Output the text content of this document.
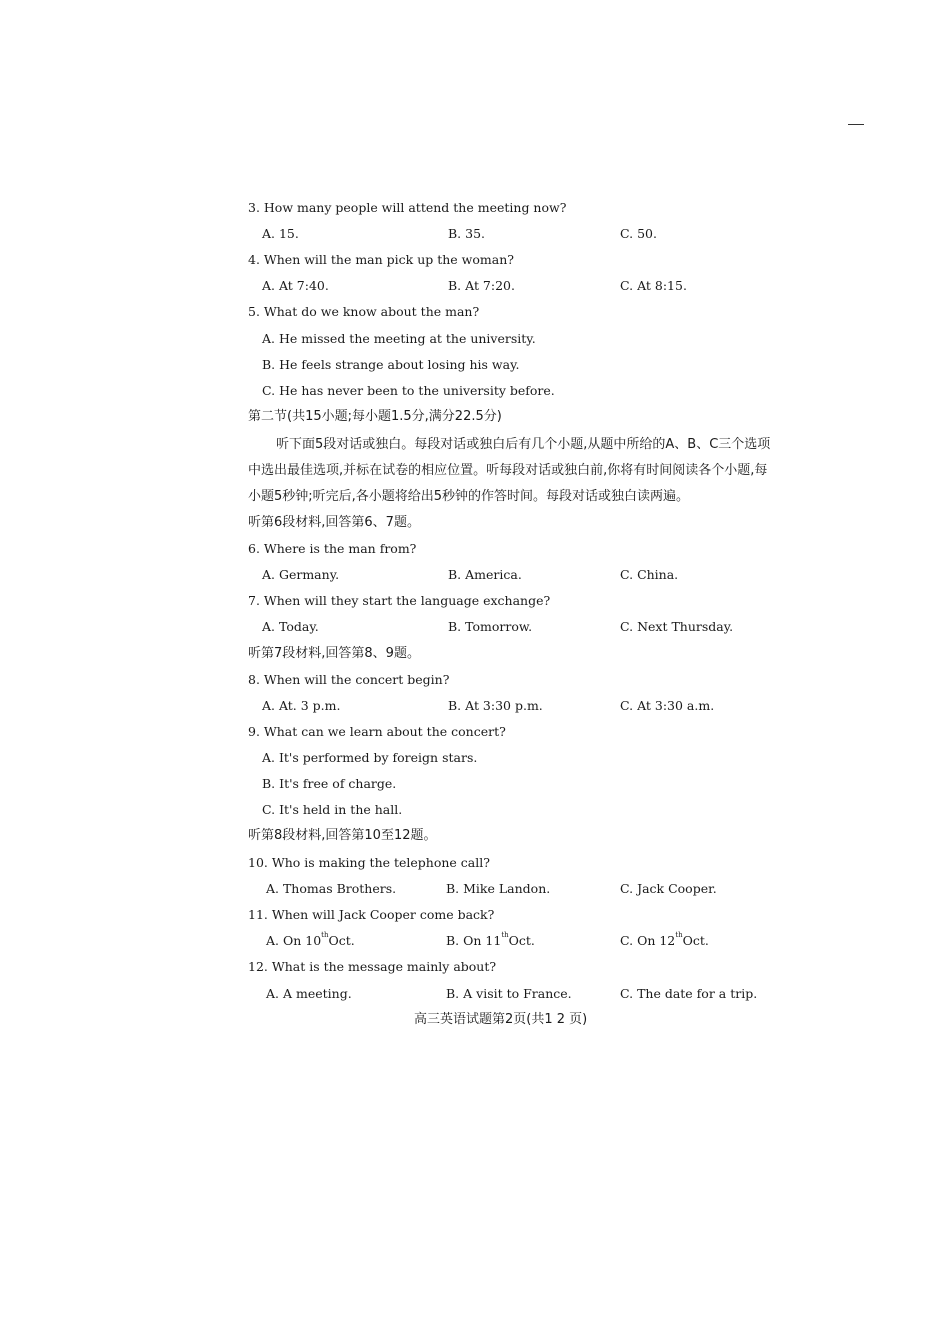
3. How many people will attend the meeting now?
A. 15.	B. 35.	C. 50.
4. When will the man pick up the woman?
A. At 7:40.	B. At 7:20.	C. At 8:15.
5. What do we know about the man?
A. He missed the meeting at the university.
B. He feels strange about losing his way.
C. He has never been to the university before.
第二节(共15小题;每小题1.5分,满分22.5分)
听下面5段对话或独白。每段对话或独白后有几个小题,从题中所给的A、B、C三个选项
中选出最佳选项,并标在试卷的相应位置。听每段对话或独白前,你将有时间阅读各个小题,每
小题5秒钟;听完后,各小题将给出5秒钟的作答时间。每段对话或独白读两遍。
听第6段材料,回答第6、7题。
6. Where is the man from?
A. Germany.	B. America.	C. China.
7. When will they start the language exchange?
A. Today.	B. Tomorrow.	C. Next Thursday.
听第7段材料,回答第8、9题。
8. When will the concert begin?
A. At. 3 p.m.	B. At 3:30 p.m.	C. At 3:30 a.m.
9. What can we learn about the concert?
A. It's performed by foreign stars.
B. It's free of charge.
C. It's held in the hall.
听第8段材料,回答第10至12题。
10. Who is making the telephone call?
A. Thomas Brothers.	B. Mike Landon.	C. Jack Cooper.
11. When will Jack Cooper come back?
A. On 10thOct.	B. On 11thOct.	C. On 12thOct.
12. What is the message mainly about?
A. A meeting.	B. A visit to France.	C. The date for a trip.
高三英语试题第2页(共1 2 页)
